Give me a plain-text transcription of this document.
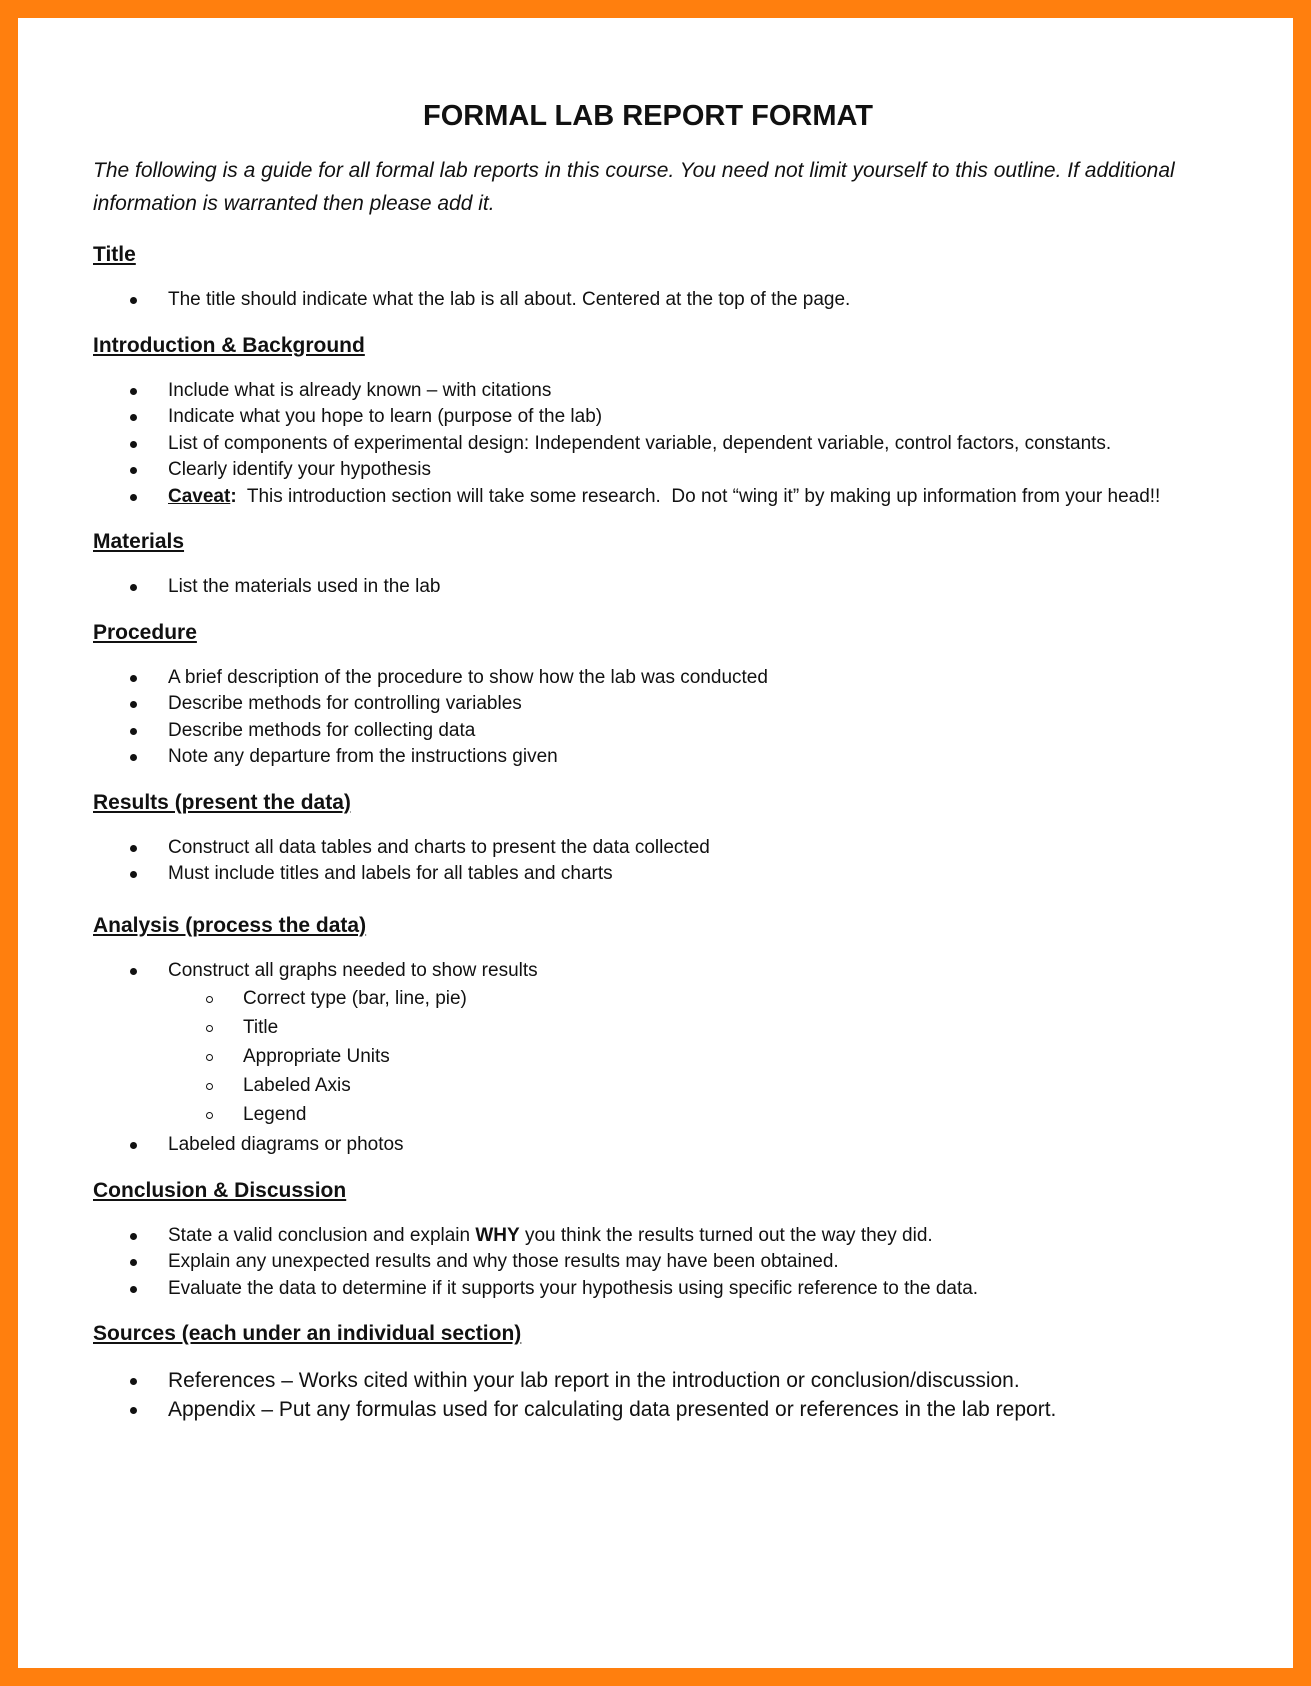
FORMAL LAB REPORT FORMAT

The following is a guide for all formal lab reports in this course. You need not limit yourself to this outline. If additional information is warranted then please add it.

Title
The title should indicate what the lab is all about. Centered at the top of the page.
Introduction & Background
Include what is already known – with citations
Indicate what you hope to learn (purpose of the lab)
List of components of experimental design: Independent variable, dependent variable, control factors, constants.
Clearly identify your hypothesis
Caveat:  This introduction section will take some research.  Do not “wing it” by making up information from your head!!
Materials
List the materials used in the lab
Procedure
A brief description of the procedure to show how the lab was conducted
Describe methods for controlling variables
Describe methods for collecting data
Note any departure from the instructions given
Results (present the data)
Construct all data tables and charts to present the data collected
Must include titles and labels for all tables and charts
Analysis (process the data)
Construct all graphs needed to show results
Correct type (bar, line, pie)
Title
Appropriate Units
Labeled Axis
Legend
Labeled diagrams or photos
Conclusion & Discussion
State a valid conclusion and explain WHY you think the results turned out the way they did.
Explain any unexpected results and why those results may have been obtained.
Evaluate the data to determine if it supports your hypothesis using specific reference to the data.
Sources (each under an individual section)
References – Works cited within your lab report in the introduction or conclusion/discussion.
Appendix – Put any formulas used for calculating data presented or references in the lab report.
